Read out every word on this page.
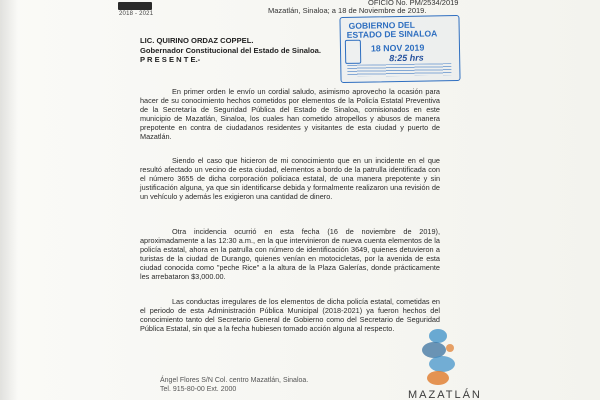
2018 - 2021	Mazatlán, Sinaloa; a 18 de Noviembre de 2019.
OFICIO No. PM/2534/2019
LIC. QUIRINO ORDAZ COPPEL.
Gobernador Constitucional del Estado de Sinaloa.
P R E S E N T E.-
GOBIERNO DEL
ESTADO DE SINALOA
18 NOV 2019
8:25 hrs
En primer orden le envío un cordial saludo, asimismo aprovecho la ocasión para hacer de su conocimiento hechos cometidos por elementos de la Policía Estatal Preventiva de la Secretaría de Seguridad Pública del Estado de Sinaloa, comisionados en este municipio de Mazatlán, Sinaloa, los cuales han cometido atropellos y abusos de manera prepotente en contra de ciudadanos residentes y visitantes de esta ciudad y puerto de Mazatlán.
Siendo el caso que hicieron de mi conocimiento que en un incidente en el que resultó afectado un vecino de esta ciudad, elementos a bordo de la patrulla identificada con el número 3655 de dicha corporación policiaca estatal, de una manera prepotente y sin justificación alguna, ya que sin identificarse debida y formalmente realizaron una revisión de un vehículo y además les exigieron una cantidad de dinero.
Otra incidencia ocurrió en esta fecha (16 de noviembre de 2019), aproximadamente a las 12:30 a.m., en la que intervinieron de nueva cuenta elementos de la policía estatal, ahora en la patrulla con número de identificación 3649, quienes detuvieron a turistas de la ciudad de Durango, quienes venían en motocicletas, por la avenida de esta ciudad conocida como "peche Rice" a la altura de la Plaza Galerías, donde prácticamente les arrebataron $3,000.00.
Las conductas irregulares de los elementos de dicha policía estatal, cometidas en el periodo de esta Administración Pública Municipal (2018-2021) ya fueron hechos del conocimiento tanto del Secretario General de Gobierno como del Secretario de Seguridad Pública Estatal, sin que a la fecha hubiesen tomado acción alguna al respecto.
Ángel Flores S/N Col. centro Mazatlán, Sinaloa.
Tel. 915-80-00 Ext. 2000	MAZATLÁN
